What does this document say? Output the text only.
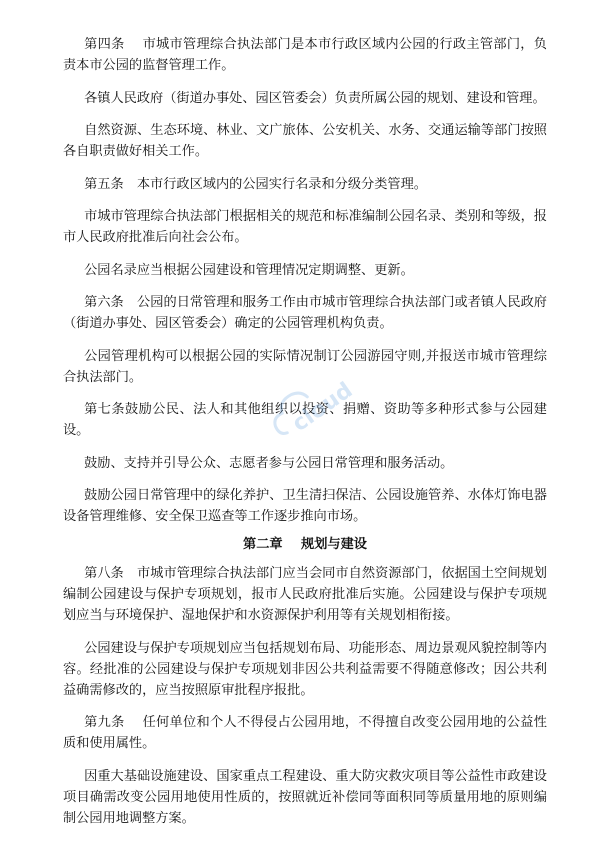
第四条　 市城市管理综合执法部门是本市行政区域内公园的行政主管部门，负责本市公园的监督管理工作。

各镇人民政府（街道办事处、园区管委会）负责所属公园的规划、建设和管理。

自然资源、生态环境、林业、文广旅体、公安机关、水务、交通运输等部门按照各自职责做好相关工作。

第五条　本市行政区域内的公园实行名录和分级分类管理。

市城市管理综合执法部门根据相关的规范和标准编制公园名录、类别和等级，报市人民政府批准后向社会公布。

公园名录应当根据公园建设和管理情况定期调整、更新。

第六条　公园的日常管理和服务工作由市城市管理综合执法部门或者镇人民政府（街道办事处、园区管委会）确定的公园管理机构负责。

公园管理机构可以根据公园的实际情况制订公园游园守则,并报送市城市管理综合执法部门。

第七条鼓励公民、法人和其他组织以投资、捐赠、资助等多种形式参与公园建设。

鼓励、支持并引导公众、志愿者参与公园日常管理和服务活动。

鼓励公园日常管理中的绿化养护、卫生清扫保洁、公园设施管养、水体灯饰电器设备管理维修、安全保卫巡查等工作逐步推向市场。

第二章 规划与建设

第八条　市城市管理综合执法部门应当会同市自然资源部门，依据国土空间规划编制公园建设与保护专项规划，报市人民政府批准后实施。公园建设与保护专项规划应当与环境保护、湿地保护和水资源保护利用等有关规划相衔接。

公园建设与保护专项规划应当包括规划布局、功能形态、周边景观风貌控制等内容。经批准的公园建设与保护专项规划非因公共利益需要不得随意修改；因公共利益确需修改的，应当按照原审批程序报批。

第九条　 任何单位和个人不得侵占公园用地，不得擅自改变公园用地的公益性质和使用属性。

因重大基础设施建设、国家重点工程建设、重大防灾救灾项目等公益性市政建设项目确需改变公园用地使用性质的，按照就近补偿同等面积同等质量用地的原则编制公园用地调整方案。

cloud
